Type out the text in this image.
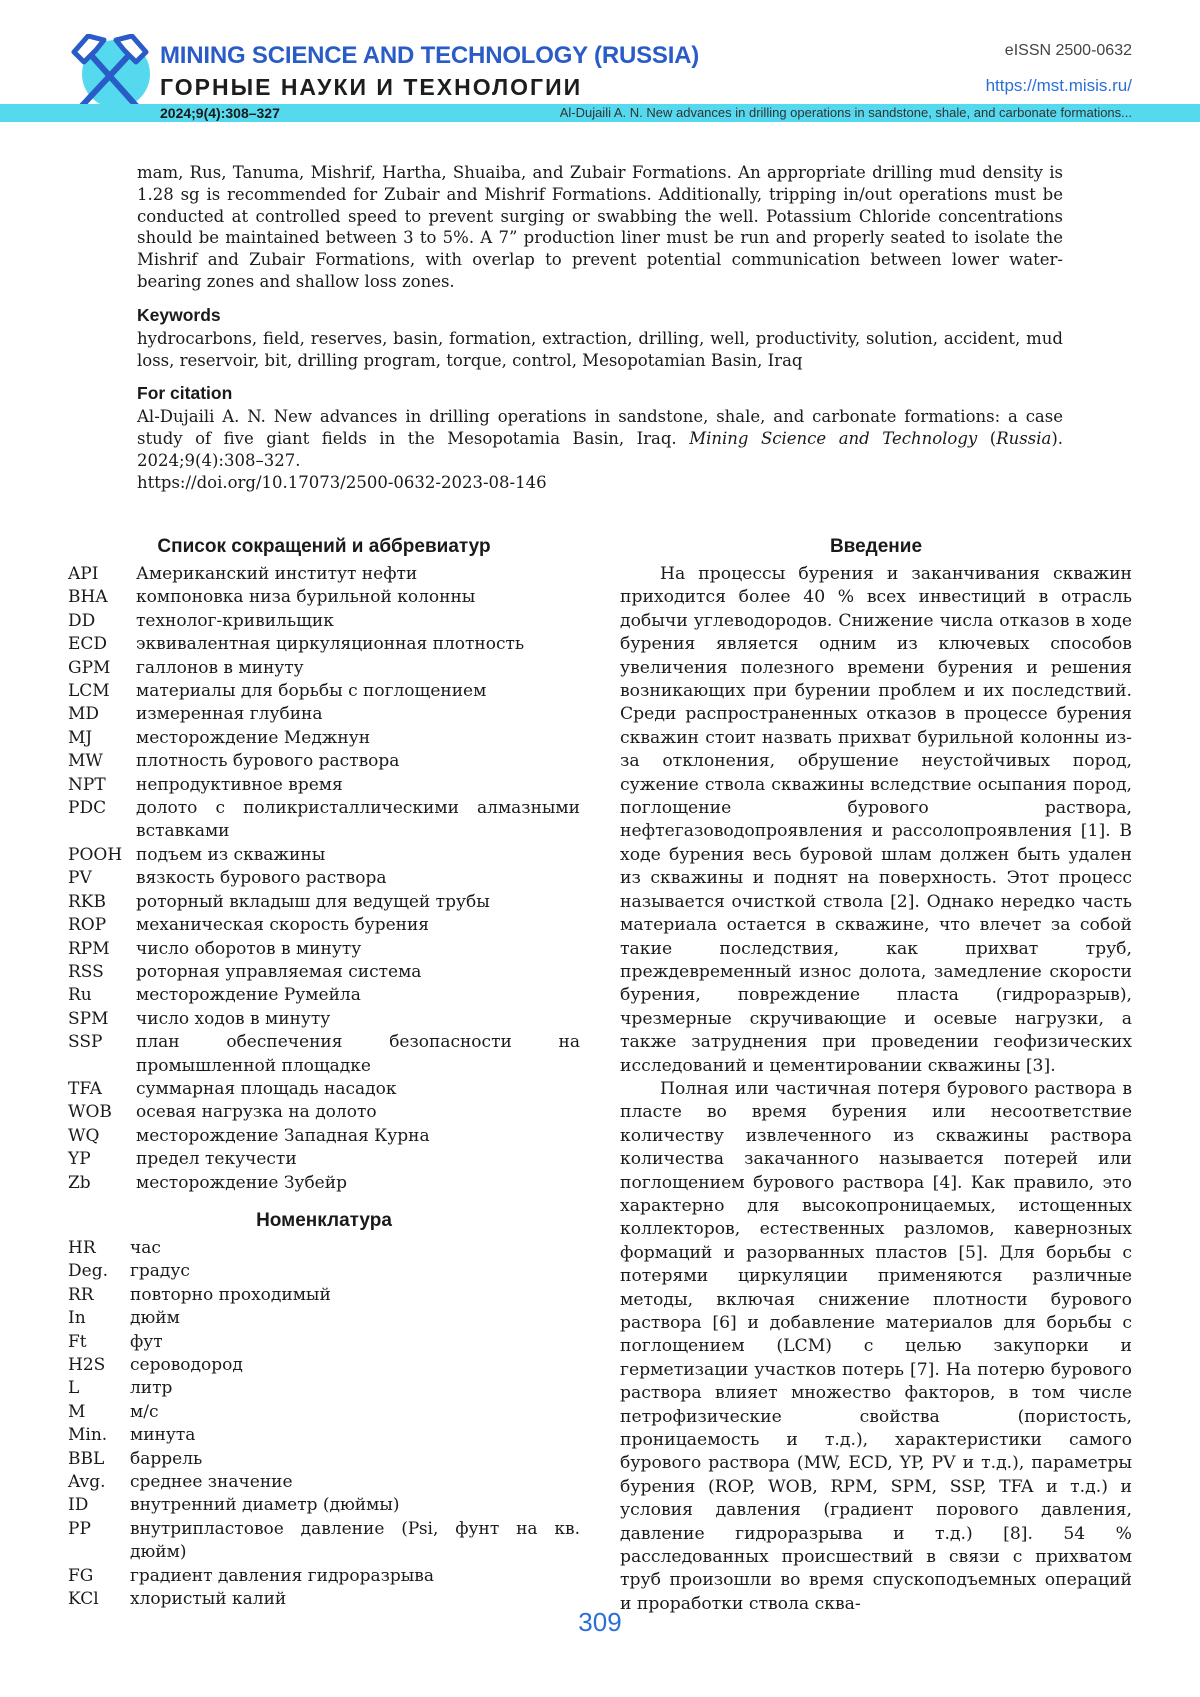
MINING SCIENCE AND TECHNOLOGY (RUSSIA)
ГОРНЫЕ НАУКИ И ТЕХНОЛОГИИ
eISSN 2500-0632
https://mst.misis.ru/
2024;9(4):308–327	Al-Dujaili A. N. New advances in drilling operations in sandstone, shale, and carbonate formations...

mam, Rus, Tanuma, Mishrif, Hartha, Shuaiba, and Zubair Formations. An appropriate drilling mud density is 1.28 sg is recommended for Zubair and Mishrif Formations. Additionally, tripping in/out operations must be conducted at controlled speed to prevent surging or swabbing the well. Potassium Chloride concentrations should be maintained between 3 to 5%. A 7” production liner must be run and properly seated to isolate the Mishrif and Zubair Formations, with overlap to prevent potential communication between lower water-bearing zones and shallow loss zones.

Keywords

hydrocarbons, field, reserves, basin, formation, extraction, drilling, well, productivity, solution, accident, mud loss, reservoir, bit, drilling program, torque, control, Mesopotamian Basin, Iraq

For citation

Al-Dujaili A. N. New advances in drilling operations in sandstone, shale, and carbonate formations: a case study of five giant fields in the Mesopotamia Basin, Iraq. Mining Science and Technology (Russia). 2024;9(4):308–327.
https://doi.org/10.17073/2500-0632-2023-08-146

Список сокращений и аббревиатур
API	Американский институт нефти
BHA	компоновка низа бурильной колонны
DD	технолог-кривильщик
ECD	эквивалентная циркуляционная плотность
GPM	галлонов в минуту
LCM	материалы для борьбы с поглощением
MD	измеренная глубина
MJ	месторождение Меджнун
MW	плотность бурового раствора
NPT	непродуктивное время
PDC	долото с поликристаллическими алмазными вставками
POOH подъем из скважины
PV	вязкость бурового раствора
RKB	роторный вкладыш для ведущей трубы
ROP	механическая скорость бурения
RPM	число оборотов в минуту
RSS	роторная управляемая система
Ru	месторождение Румейла
SPM	число ходов в минуту
SSP	план обеспечения безопасности на промышленной площадке
TFA	суммарная площадь насадок
WOB	осевая нагрузка на долото
WQ	месторождение Западная Курна
YP	предел текучести
Zb	месторождение Зубейр
Номенклатура
HR	час
Deg.	градус
RR	повторно проходимый
In	дюйм
Ft	фут
H2S	сероводород
L	литр
M	м/с
Min.	минута
BBL	баррель
Avg.	среднее значение
ID	внутренний диаметр (дюймы)
PP	внутрипластовое давление (Psi, фунт на кв. дюйм)
FG	градиент давления гидроразрыва
KCl	хлористый калий
Введение

На процессы бурения и заканчивания скважин приходится более 40 % всех инвестиций в отрасль добычи углеводородов. Снижение числа отказов в ходе бурения является одним из ключевых способов увеличения полезного времени бурения и решения возникающих при бурении проблем и их последствий. Среди распространенных отказов в процессе бурения скважин стоит назвать прихват бурильной колонны из-за отклонения, обрушение неустойчивых пород, сужение ствола скважины вследствие осыпания пород, поглощение бурового раствора, нефтегазоводопроявления и рассолопроявления [1]. В ходе бурения весь буровой шлам должен быть удален из скважины и поднят на поверхность. Этот процесс называется очисткой ствола [2]. Однако нередко часть материала остается в скважине, что влечет за собой такие последствия, как прихват труб, преждевременный износ долота, замедление скорости бурения, повреждение пласта (гидроразрыв), чрезмерные скручивающие и осевые нагрузки, а также затруднения при проведении геофизических исследований и цементировании скважины [3].

Полная или частичная потеря бурового раствора в пласте во время бурения или несоответствие количеству извлеченного из скважины раствора количества закачанного называется потерей или поглощением бурового раствора [4]. Как правило, это характерно для высокопроницаемых, истощенных коллекторов, естественных разломов, кавернозных формаций и разорванных пластов [5]. Для борьбы с потерями циркуляции применяются различные методы, включая снижение плотности бурового раствора [6] и добавление материалов для борьбы с поглощением (LCM) с целью закупорки и герметизации участков потерь [7]. На потерю бурового раствора влияет множество факторов, в том числе петрофизические свойства (пористость, проницаемость и т.д.), характеристики самого бурового раствора (MW, ECD, YP, PV и т.д.), параметры бурения (ROP, WOB, RPM, SPM, SSP, TFA и т.д.) и условия давления (градиент порового давления, давление гидроразрыва и т.д.) [8]. 54 % расследованных происшествий в связи с прихватом труб произошли во время спускоподъемных операций и проработки ствола сква-

309
